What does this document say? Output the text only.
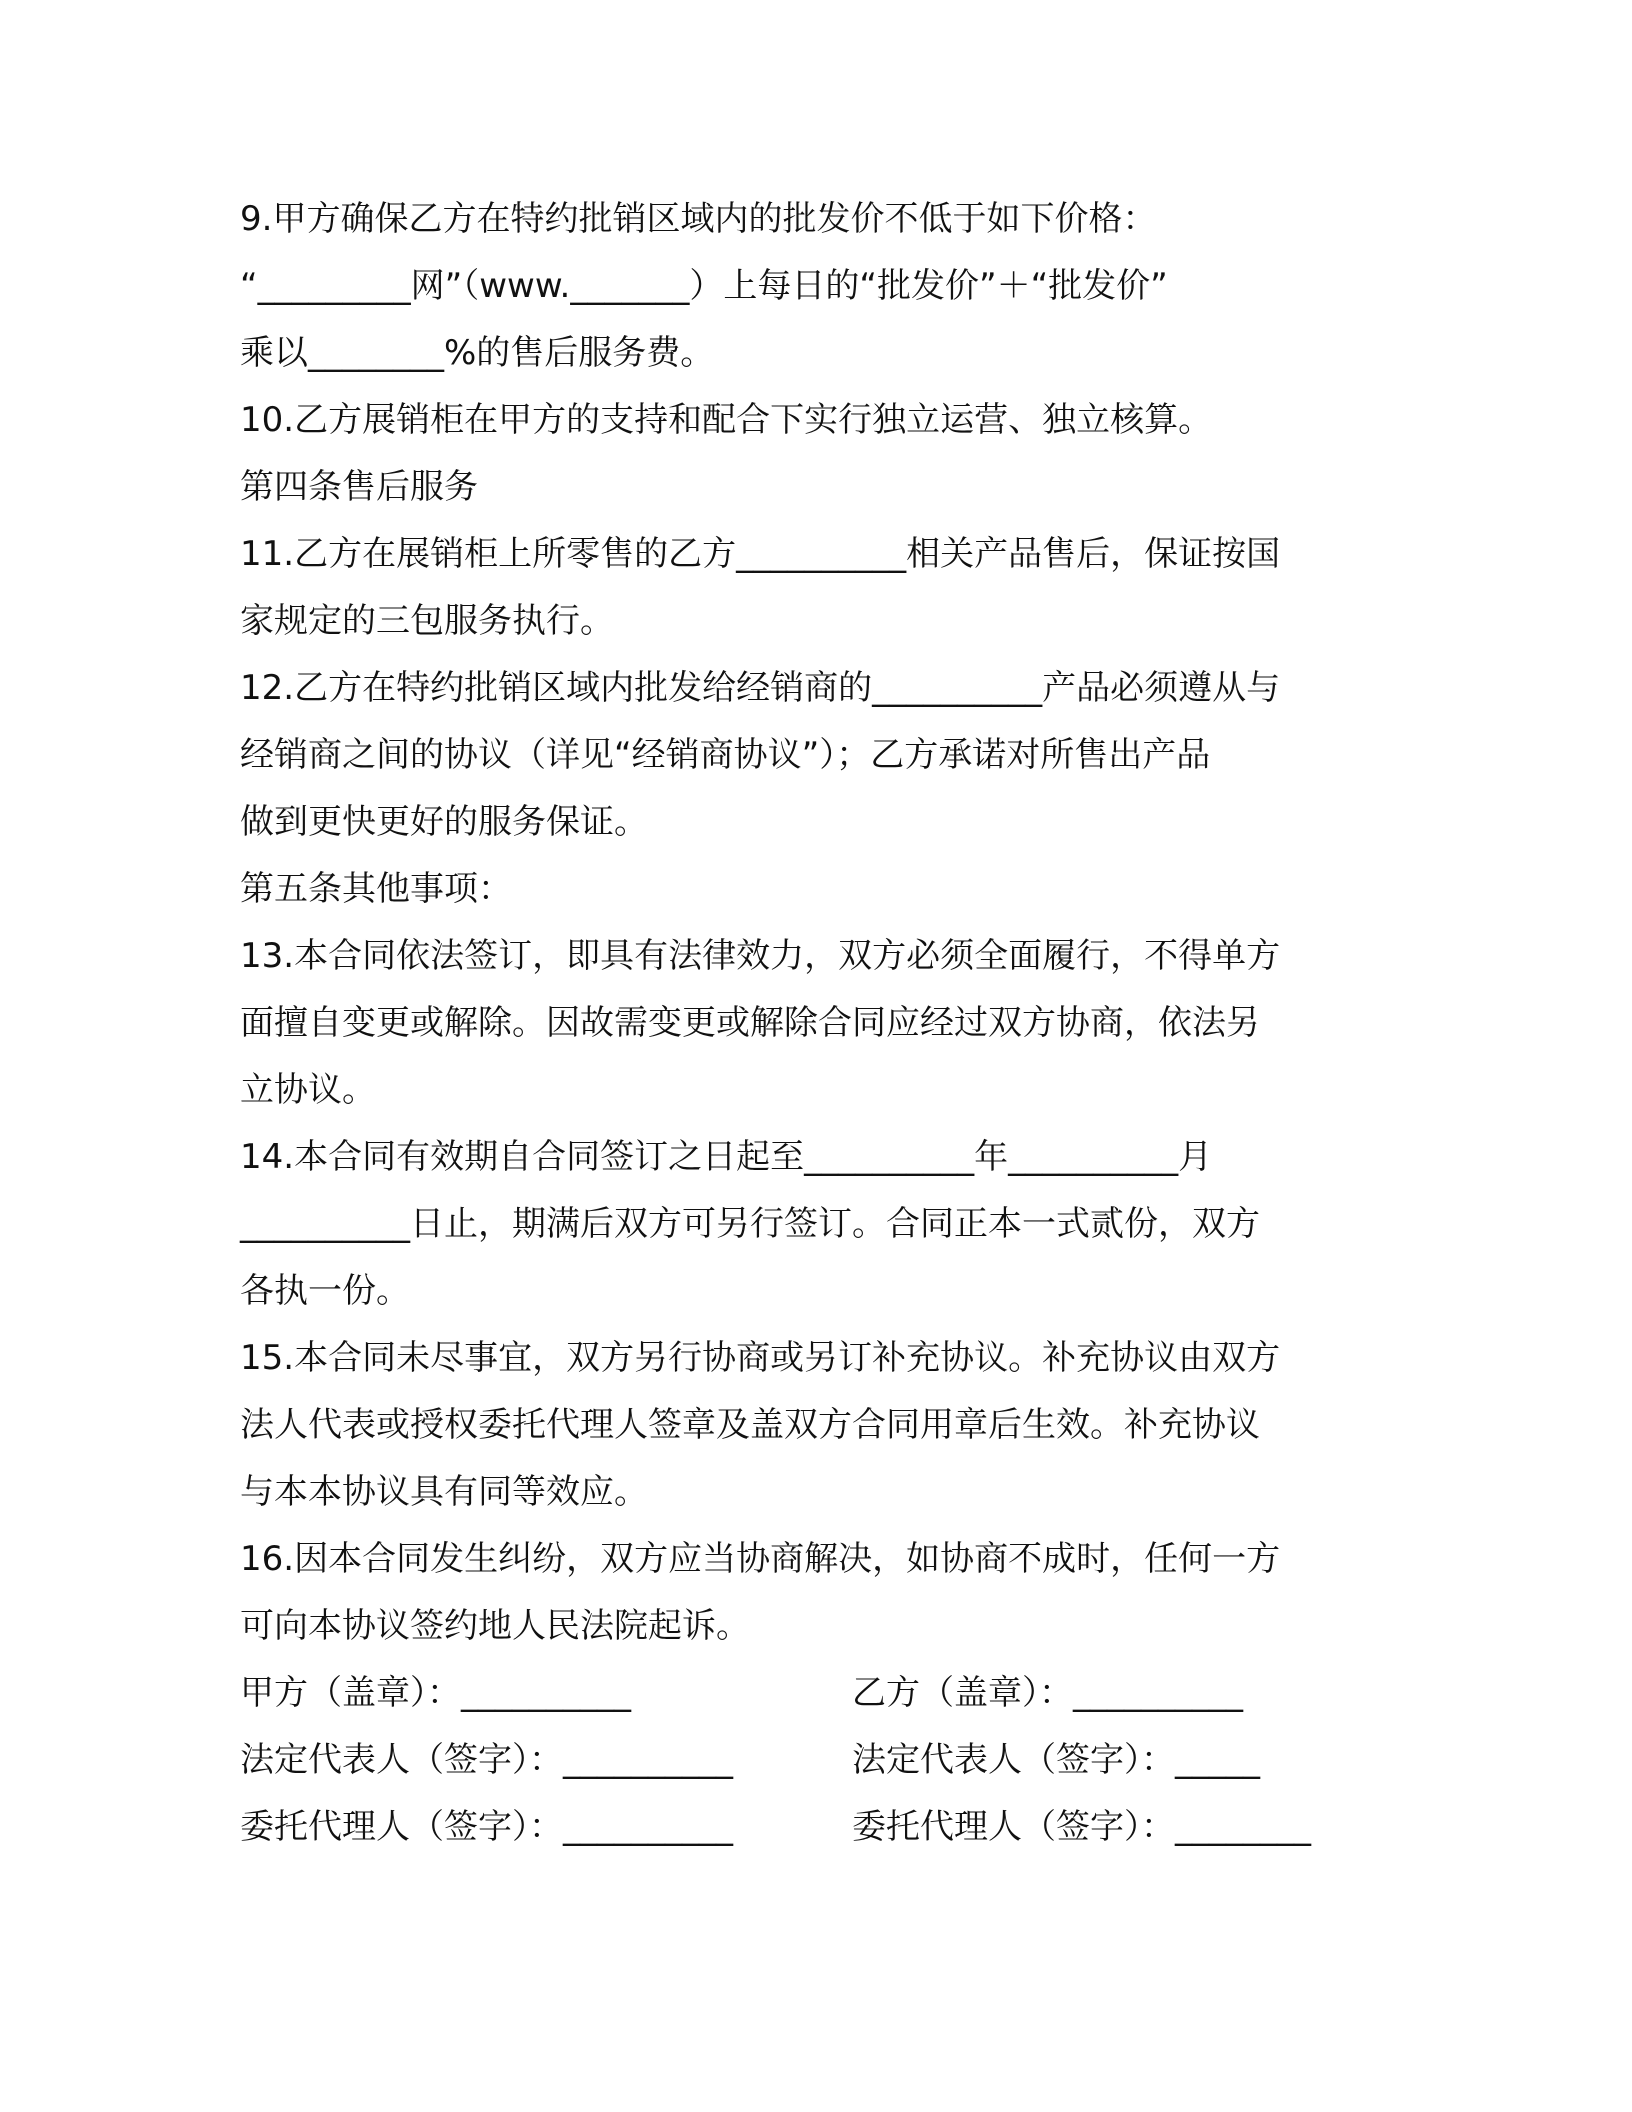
9.甲方确保乙方在特约批销区域内的批发价不低于如下价格：
“_________网”（www._______）上每日的“批发价”＋“批发价”
乘以________%的售后服务费。
10.乙方展销柜在甲方的支持和配合下实行独立运营、独立核算。
第四条售后服务
11.乙方在展销柜上所零售的乙方__________相关产品售后，保证按国
家规定的三包服务执行。
12.乙方在特约批销区域内批发给经销商的__________产品必须遵从与
经销商之间的协议（详见“经销商协议”）；乙方承诺对所售出产品
做到更快更好的服务保证。
第五条其他事项：
13.本合同依法签订，即具有法律效力，双方必须全面履行，不得单方
面擅自变更或解除。因故需变更或解除合同应经过双方协商，依法另
立协议。
14.本合同有效期自合同签订之日起至__________年__________月
__________日止，期满后双方可另行签订。合同正本一式贰份，双方
各执一份。
15.本合同未尽事宜，双方另行协商或另订补充协议。补充协议由双方
法人代表或授权委托代理人签章及盖双方合同用章后生效。补充协议
与本本协议具有同等效应。
16.因本合同发生纠纷，双方应当协商解决，如协商不成时，任何一方
可向本协议签约地人民法院起诉。
甲方（盖章）：__________	乙方（盖章）：__________
法定代表人（签字）：__________	法定代表人（签字）：_____
委托代理人（签字）：__________	委托代理人（签字）：________
